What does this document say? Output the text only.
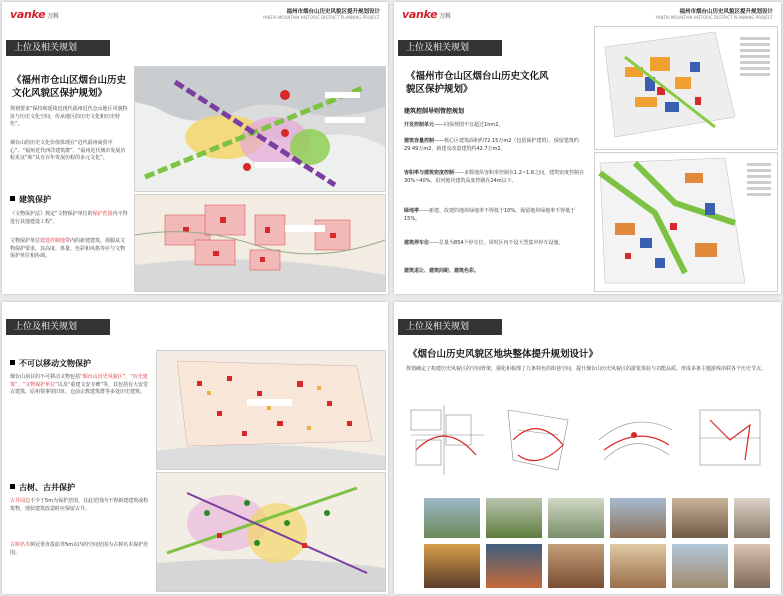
vanke 万科
福州市烟台山历史风貌区提升规划设计
YANTAI MOUNTAIN HISTORIC DISTRICT PLANNING PROJECT
上位及相关规划
《福州市仓山区烟台山历史文化风貌区保护规划》
规划要求“保持和延续近现代福州近代仓山地区风貌特征与历史文化空间，传承地区的历史文化和历史特色”。
烟台山的历史文化价值体现在“近代福州商贸中心”、“福州近代西洋建筑群”、“福州近代城市发展历程见证”和“具有百年发展历程的多元文化”。
建筑保护
《文物保护法》规定“文物保护单位的保护范围内不得进行其他建设工程”。
文物保护单位建设控制地带内的新建建筑，须服从文物保护要求，其高度、体量、色彩和风格等应与文物保护单位相协调。
vanke 万科
福州市烟台山历史风貌区提升规划设计
YANTAI MOUNTAIN HISTORIC DISTRICT PLANNING PROJECT
上位及相关规划
《福州市仓山区烟台山历史文化风貌区保护规划》
建筑控制导则管控规划
开发控制单元——同保规图不宜超过1hm2。
建筑容量控制——核心区建筑面积约72.15万m2（包括保护建筑），保留建筑约29.49万m2，新建及改造建筑约42.7万m2。
容积率与建筑密度控制——多数地块容积率控制在1.2~1.8之间，建筑密度控制在30%~40%，沿河地块建筑高度控制在24m以下。
绿地率——新建、改建的地块绿地率不得低于10%，保留地块绿地率不得低于15%。
建筑停车位——总量为854个停车位，同时区内不设大型集中停车设施。
建筑退让、建筑间距、建筑色彩。
上位及相关规划
不可以移动文物保护
烟台山项目的不可移动文物包括“烟台山历史风貌区”、“历史建筑”、“文物保护单位”以及“重建文安寺碑”等，其包括有大安堂古建筑、原州领事馆旧址、仓前宗教建筑群等多处历史建筑。
古树、古井保护
古井周边不少于5m为保护范围，在此范围内不得新建建筑或构筑物，现状建筑改造时应保留古井。
古树名木树冠垂直投影外5m以内的空间范围为古树名木保护范围。
上位及相关规划
《烟台山历史风貌区地块整体提升规划设计》
规划确定了构建历史风貌区的空间骨架，强化和梳理了九条特色的街巷空间，提升烟台山历史风貌区的游览体验与功能品质，形成多条主题游线串联各个历史节点。
